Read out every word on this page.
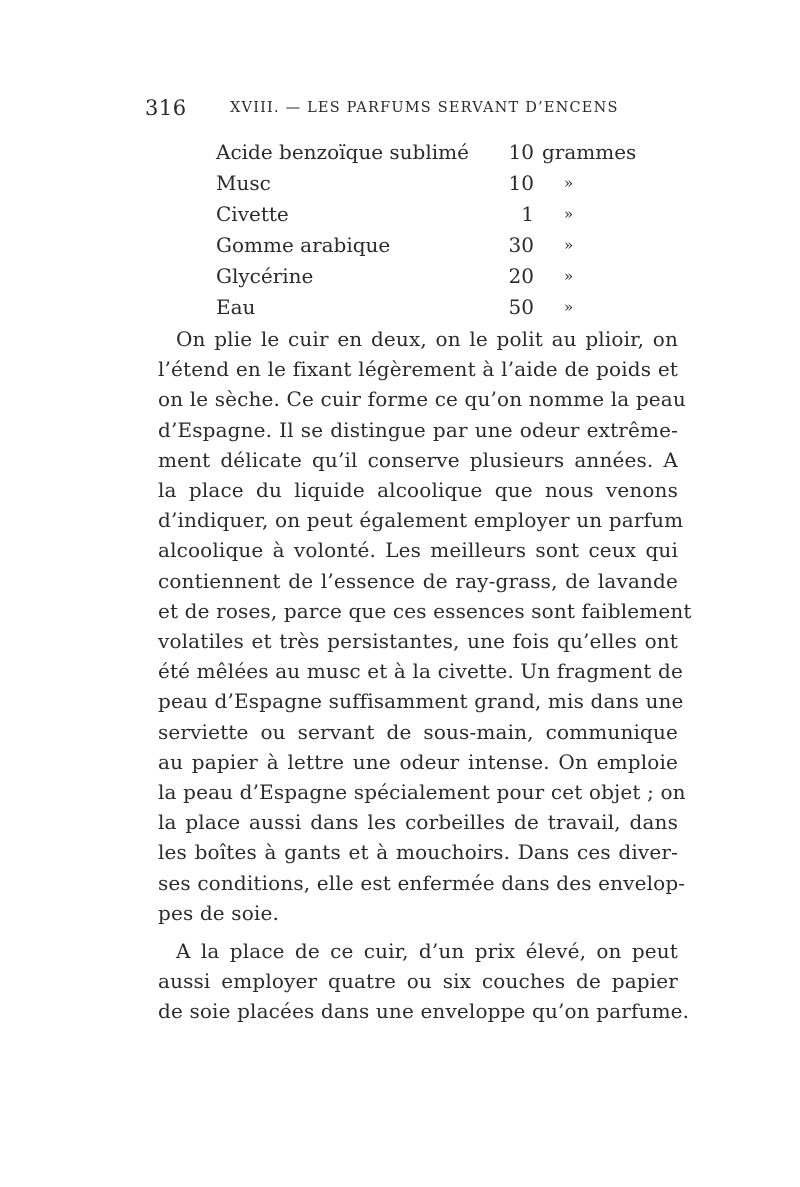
316	XVIII. — LES PARFUMS SERVANT D’ENCENS
Acide benzoïque sublimé 10 grammes
Musc	10 »
Civette	1 »
Gomme arabique	30 »
Glycérine	20 »
Eau	50 »

On plie le cuir en deux, on le polit au plioir, on
l’étend en le fixant légèrement à l’aide de poids et
on le sèche. Ce cuir forme ce qu’on nomme la peau
d’Espagne. Il se distingue par une odeur extrême-
ment délicate qu’il conserve plusieurs années. A
la place du liquide alcoolique que nous venons
d’indiquer, on peut également employer un parfum
alcoolique à volonté. Les meilleurs sont ceux qui
contiennent de l’essence de ray-grass, de lavande
et de roses, parce que ces essences sont faiblement
volatiles et très persistantes, une fois qu’elles ont
été mêlées au musc et à la civette. Un fragment de
peau d’Espagne suffisamment grand, mis dans une
serviette ou servant de sous-main, communique
au papier à lettre une odeur intense. On emploie
la peau d’Espagne spécialement pour cet objet ; on
la place aussi dans les corbeilles de travail, dans
les boîtes à gants et à mouchoirs. Dans ces diver-
ses conditions, elle est enfermée dans des envelop-
pes de soie.

A la place de ce cuir, d’un prix élevé, on peut
aussi employer quatre ou six couches de papier
de soie placées dans une enveloppe qu’on parfume.
